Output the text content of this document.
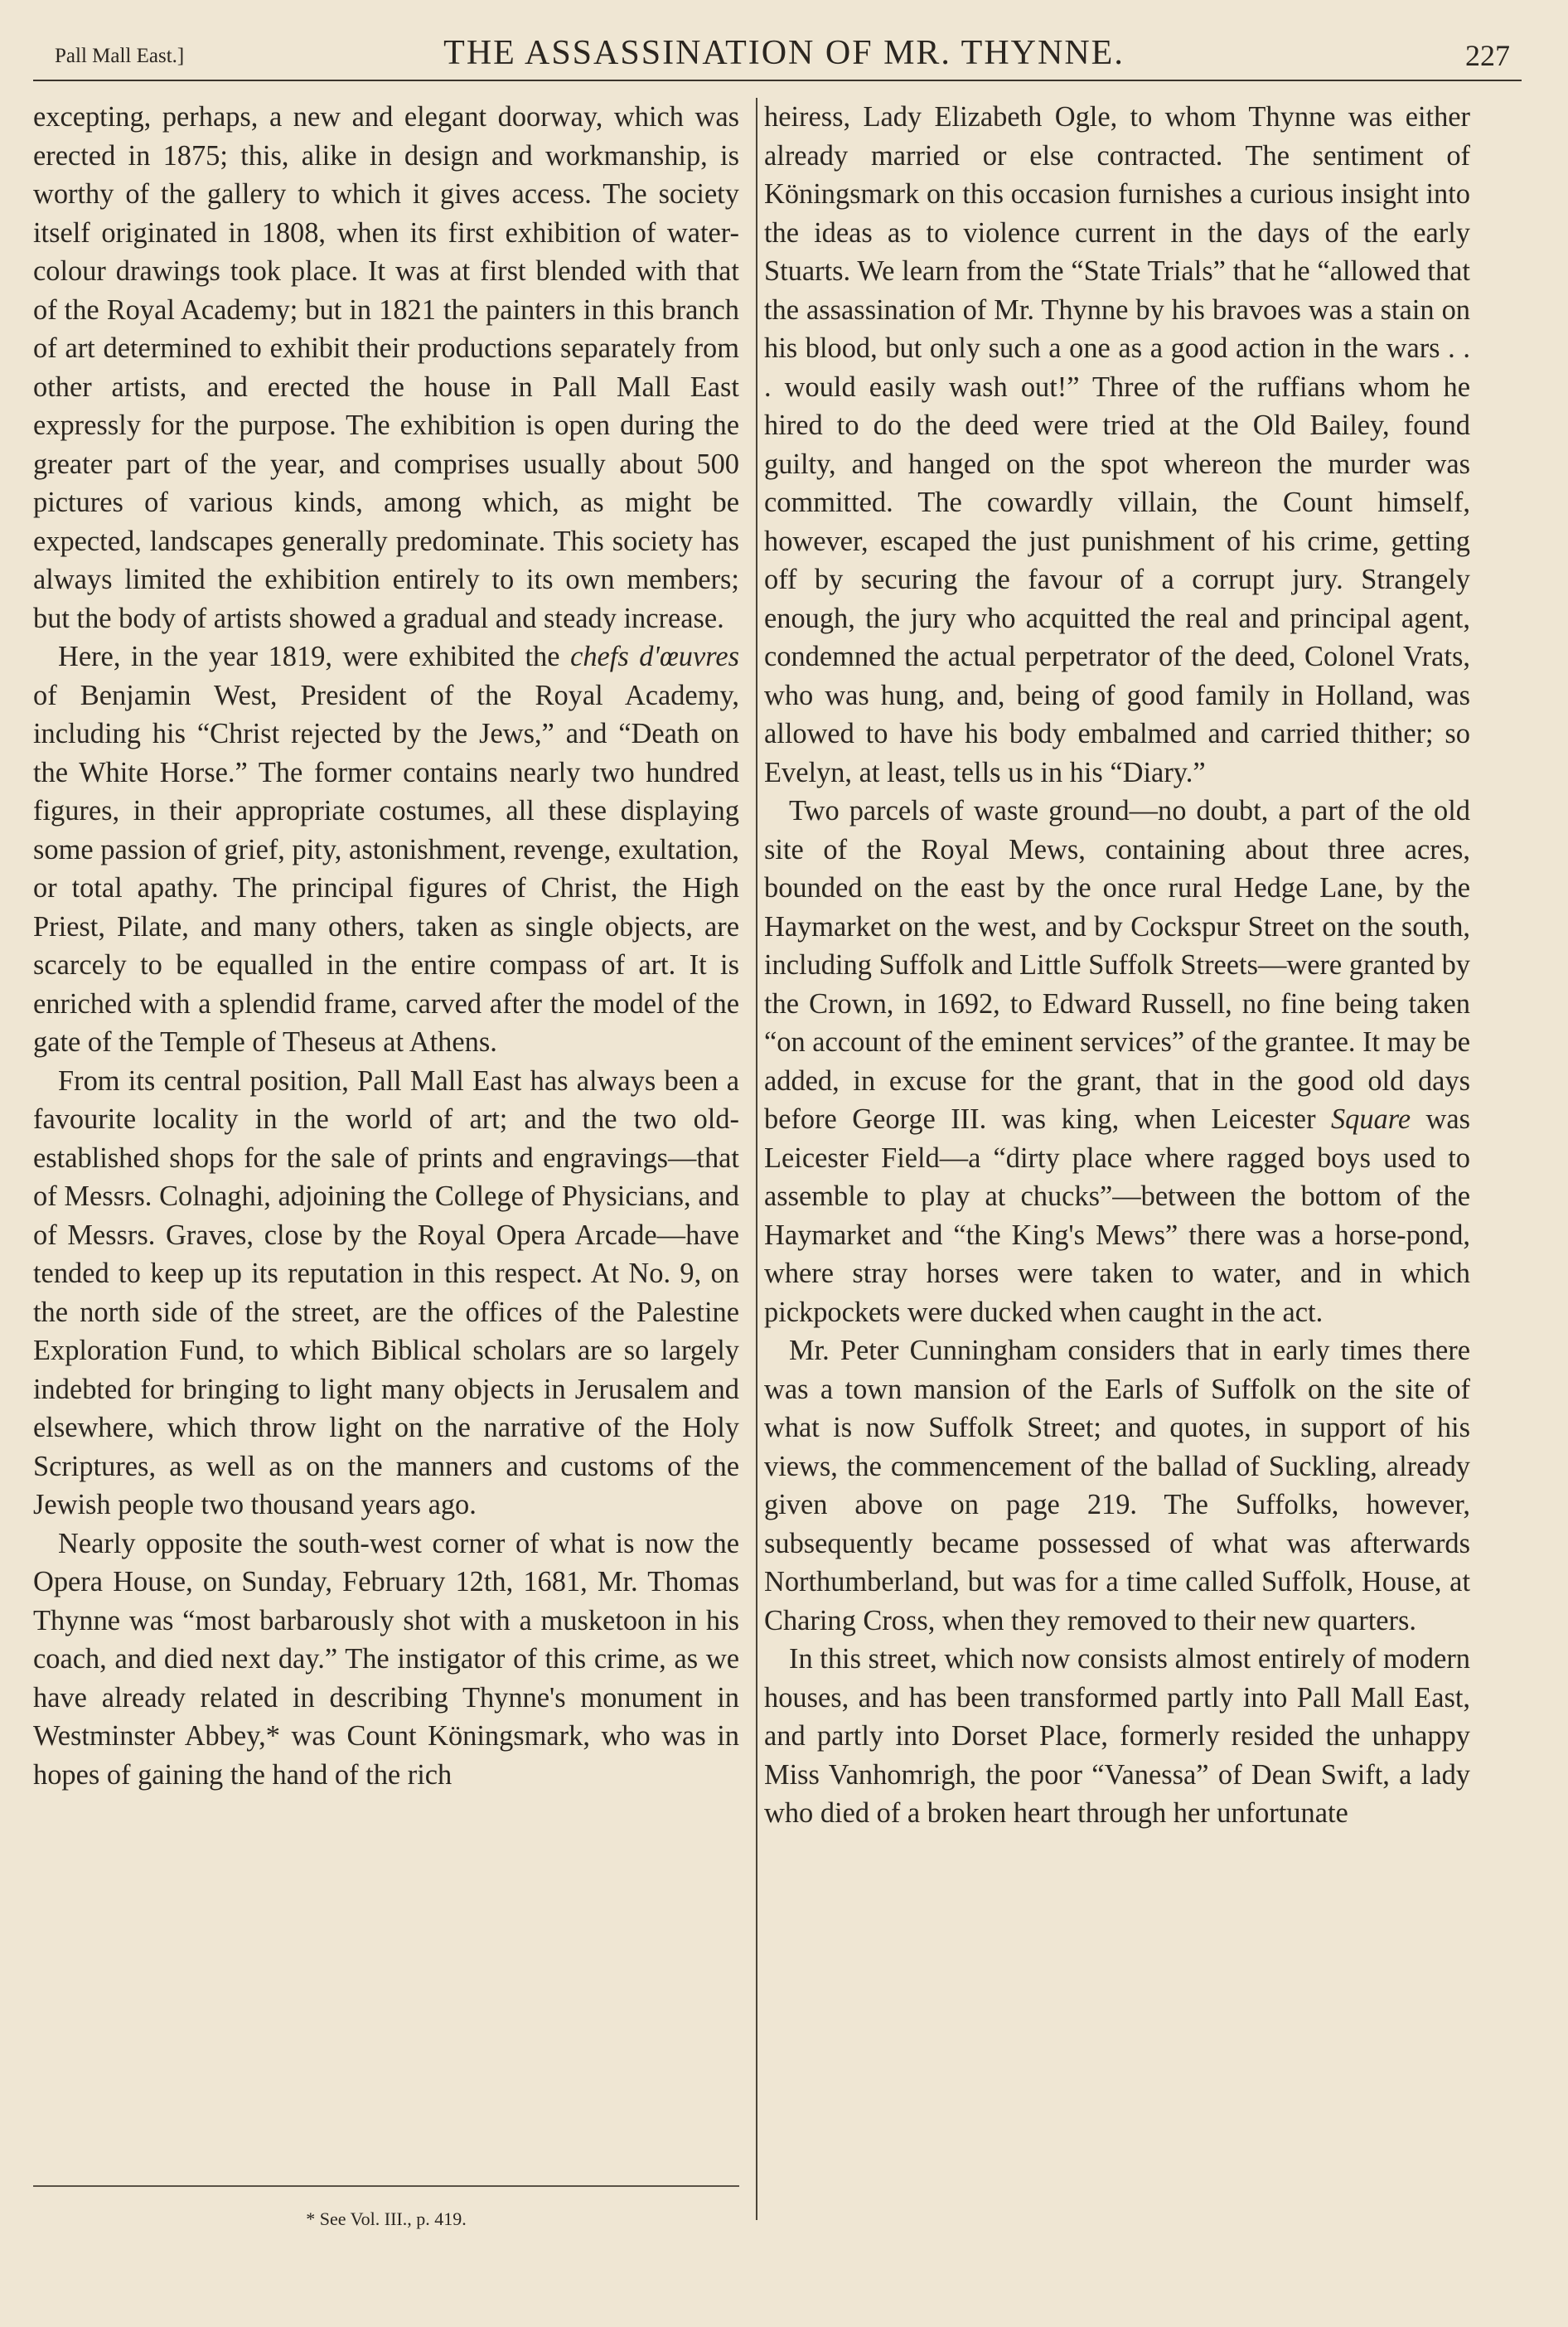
Pall Mall East.]	THE ASSASSINATION OF MR. THYNNE.	227

excepting, perhaps, a new and elegant doorway, which was erected in 1875; this, alike in design and workmanship, is worthy of the gallery to which it gives access. The society itself originated in 1808, when its first exhibition of water-colour drawings took place. It was at first blended with that of the Royal Academy; but in 1821 the painters in this branch of art determined to exhibit their productions separately from other artists, and erected the house in Pall Mall East expressly for the purpose. The exhibition is open during the greater part of the year, and comprises usually about 500 pictures of various kinds, among which, as might be expected, landscapes generally predominate. This society has always limited the exhibition entirely to its own members; but the body of artists showed a gradual and steady increase.

Here, in the year 1819, were exhibited the chefs d'œuvres of Benjamin West, President of the Royal Academy, including his “Christ rejected by the Jews,” and “Death on the White Horse.” The former contains nearly two hundred figures, in their appropriate costumes, all these displaying some passion of grief, pity, astonishment, revenge, exultation, or total apathy. The principal figures of Christ, the High Priest, Pilate, and many others, taken as single objects, are scarcely to be equalled in the entire compass of art. It is enriched with a splendid frame, carved after the model of the gate of the Temple of Theseus at Athens.

From its central position, Pall Mall East has always been a favourite locality in the world of art; and the two old-established shops for the sale of prints and engravings—that of Messrs. Colnaghi, adjoining the College of Physicians, and of Messrs. Graves, close by the Royal Opera Arcade—have tended to keep up its reputation in this respect. At No. 9, on the north side of the street, are the offices of the Palestine Exploration Fund, to which Biblical scholars are so largely indebted for bringing to light many objects in Jerusalem and elsewhere, which throw light on the narrative of the Holy Scriptures, as well as on the manners and customs of the Jewish people two thousand years ago.

Nearly opposite the south-west corner of what is now the Opera House, on Sunday, February 12th, 1681, Mr. Thomas Thynne was “most barbarously shot with a musketoon in his coach, and died next day.” The instigator of this crime, as we have already related in describing Thynne's monument in Westminster Abbey,* was Count Köningsmark, who was in hopes of gaining the hand of the rich

heiress, Lady Elizabeth Ogle, to whom Thynne was either already married or else contracted. The sentiment of Köningsmark on this occasion furnishes a curious insight into the ideas as to violence current in the days of the early Stuarts. We learn from the “State Trials” that he “allowed that the assassination of Mr. Thynne by his bravoes was a stain on his blood, but only such a one as a good action in the wars . . . would easily wash out!” Three of the ruffians whom he hired to do the deed were tried at the Old Bailey, found guilty, and hanged on the spot whereon the murder was committed. The cowardly villain, the Count himself, however, escaped the just punishment of his crime, getting off by securing the favour of a corrupt jury. Strangely enough, the jury who acquitted the real and principal agent, condemned the actual perpetrator of the deed, Colonel Vrats, who was hung, and, being of good family in Holland, was allowed to have his body embalmed and carried thither; so Evelyn, at least, tells us in his “Diary.”

Two parcels of waste ground—no doubt, a part of the old site of the Royal Mews, containing about three acres, bounded on the east by the once rural Hedge Lane, by the Haymarket on the west, and by Cockspur Street on the south, including Suffolk and Little Suffolk Streets—were granted by the Crown, in 1692, to Edward Russell, no fine being taken “on account of the eminent services” of the grantee. It may be added, in excuse for the grant, that in the good old days before George III. was king, when Leicester Square was Leicester Field—a “dirty place where ragged boys used to assemble to play at chucks”—between the bottom of the Haymarket and “the King's Mews” there was a horse-pond, where stray horses were taken to water, and in which pickpockets were ducked when caught in the act.

Mr. Peter Cunningham considers that in early times there was a town mansion of the Earls of Suffolk on the site of what is now Suffolk Street; and quotes, in support of his views, the commencement of the ballad of Suckling, already given above on page 219. The Suffolks, however, subsequently became possessed of what was afterwards Northumberland, but was for a time called Suffolk, House, at Charing Cross, when they removed to their new quarters.

In this street, which now consists almost entirely of modern houses, and has been transformed partly into Pall Mall East, and partly into Dorset Place, formerly resided the unhappy Miss Vanhomrigh, the poor “Vanessa” of Dean Swift, a lady who died of a broken heart through her unfortunate

* See Vol. III., p. 419.
